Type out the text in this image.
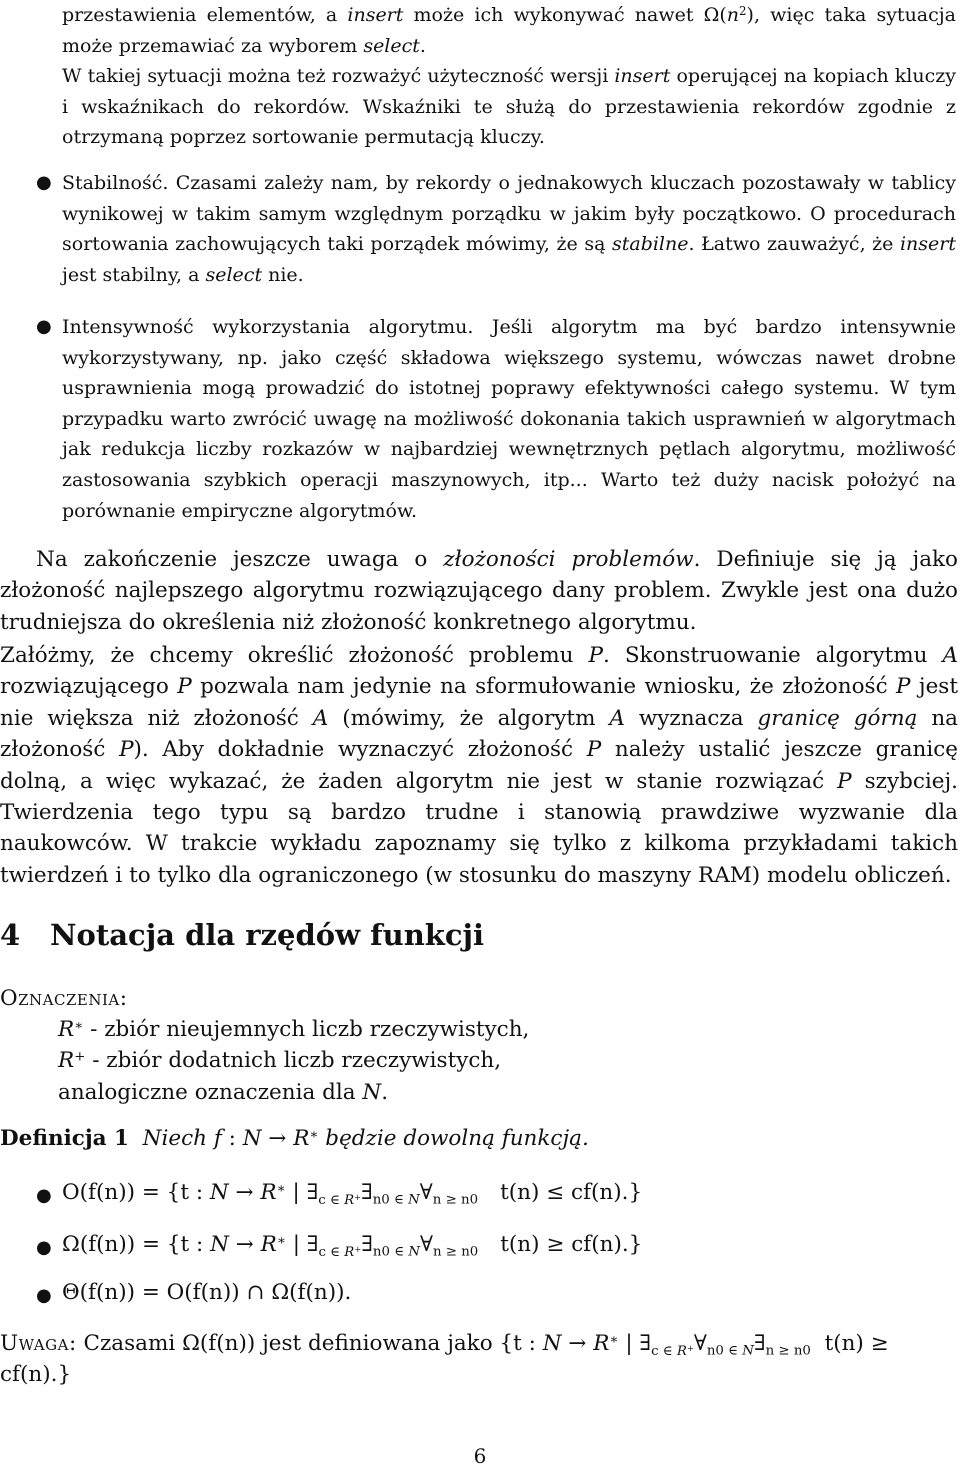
przestawienia elementów, a insert może ich wykonywać nawet $\Omega(n^2)$, więc taka sytuacja może przemawiać za wyborem select.
W takiej sytuacji można też rozważyć użyteczność wersji insert operującej na kopiach kluczy i wskaźnikach do rekordów. Wskaźniki te służą do przestawienia rekordów zgodnie z otrzymaną poprzez sortowanie permutacją kluczy.
● Stabilność. Czasami zależy nam, by rekordy o jednakowych kluczach pozostawały w tablicy wynikowej w takim samym względnym porządku w jakim były początkowo. O procedurach sortowania zachowujących taki porządek mówimy, że są stabilne. Łatwo zauważyć, że insert jest stabilny, a select nie.
● Intensywność wykorzystania algorytmu. Jeśli algorytm ma być bardzo intensywnie wykorzystywany, np. jako część składowa większego systemu, wówczas nawet drobne usprawnienia mogą prowadzić do istotnej poprawy efektywności całego systemu. W tym przypadku warto zwrócić uwagę na możliwość dokonania takich usprawnień w algorytmach jak redukcja liczby rozkazów w najbardziej wewnętrznych pętlach algorytmu, możliwość zastosowania szybkich operacji maszynowych, itp... Warto też duży nacisk położyć na porównanie empiryczne algorytmów.
Na zakończenie jeszcze uwaga o złożoności problemów. Definiuje się ją jako złożoność najlepszego algorytmu rozwiązującego dany problem. Zwykle jest ona dużo trudniejsza do określenia niż złożoność konkretnego algorytmu.
Załóżmy, że chcemy określić złożoność problemu P. Skonstruowanie algorytmu A rozwiązującego P pozwala nam jedynie na sformułowanie wniosku, że złożoność P jest nie większa niż złożoność A (mówimy, że algorytm A wyznacza granicę górną na złożoność P). Aby dokładnie wyznaczyć złożoność P należy ustalić jeszcze granicę dolną, a więc wykazać, że żaden algorytm nie jest w stanie rozwiązać P szybciej. Twierdzenia tego typu są bardzo trudne i stanowią prawdziwe wyzwanie dla naukowców. W trakcie wykładu zapoznamy się tylko z kilkoma przykładami takich twierdzeń i to tylko dla ograniczonego (w stosunku do maszyny RAM) modelu obliczeń.
4 Notacja dla rzędów funkcji
Oznaczenia:
R∗ - zbiór nieujemnych liczb rzeczywistych,
R+ - zbiór dodatnich liczb rzeczywistych,
analogiczne oznaczenia dla N.
Definicja 1 Niech f : N → R∗ będzie dowolną funkcją.
● O(f(n)) = {t : N → R∗ | $\exists_{c \in R^+}\exists_{n0 \in N}\forall_{n \ge n0}$ t(n) ≤ cf(n).}
● Ω(f(n)) = {t : N → R∗ | $\exists_{c \in R^+}\exists_{n0 \in N}\forall_{n \ge n0}$ t(n) ≥ cf(n).}
● Θ(f(n)) = O(f(n)) ∩ Ω(f(n)).
Uwaga: Czasami Ω(f(n)) jest definiowana jako {t : N → R∗ | $\exists_{c \in R^+}\forall_{n0 \in N}\exists_{n \ge n0}$ t(n) ≥
cf(n).}
6
